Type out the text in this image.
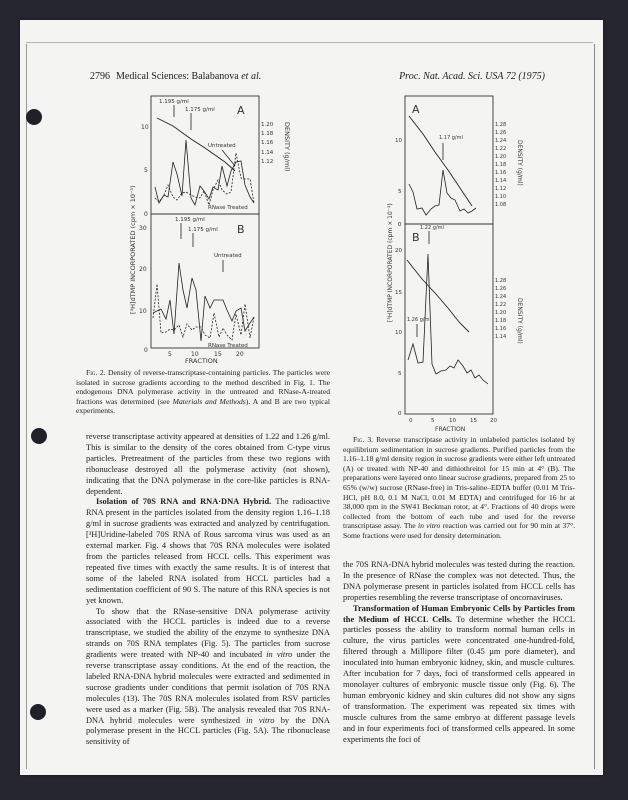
2796 Medical Sciences: Balabanova et al.	Proc. Nat. Acad. Sci. USA 72 (1975)
A
B
10
5
0
30
20
10
0
5	10	15 20
1.20
1.18
1.16
1.14
1.12 DENSITY (g/ml)
[³H]dTMP INCORPORATED (cpm × 10⁻³)
FRACTION
1.195 g/ml
1.175 g/ml
Untreated
RNase Treated
1.195 g/ml
1.175 g/ml
Untreated
RNase Treated

Fig. 2. Density of reverse-transcriptase-containing particles. The particles were isolated in sucrose gradients according to the method described in Fig. 1. The endogenous DNA polymerase activity in the untreated and RNase-A-treated fractions was determined (see Materials and Methods). A and B are two typical experiments.

A
B
10
5
0
20
15
10
5
0
0	5	10	15 20
1.28
1.26
1.24
1.22
1.20
1.18
1.16
1.14
1.12
1.10
1.08
1.28
1.26
1.24
1.22
1.20
1.18
1.16
1.14
DENSITY (g/ml)
DENSITY (g/ml)
[³H]dTMP INCORPORATED (cpm × 10⁻³)
FRACTION
1.17 g/ml
1.22 g/ml
1.26 g/ml

Fig. 3. Reverse transcriptase activity in unlabeled particles isolated by equilibrium sedimentation in sucrose gradients. Purified particles from the 1.16–1.18 g/ml density region in sucrose gradients were either left untreated (A) or treated with NP-40 and dithiothreitol for 15 min at 4° (B). The preparations were layered onto linear sucrose gradients, prepared from 25 to 65% (w/w) sucrose (RNase-free) in Tris-saline–EDTA buffer (0.01 M Tris-HCl, pH 8.0, 0.1 M NaCl, 0.01 M EDTA) and centrifuged for 16 hr at 38,000 rpm in the SW41 Beckman rotor, at 4°. Fractions of 40 drops were collected from the bottom of each tube and used for the reverse transcriptase assay. The in vitro reaction was carried out for 90 min at 37°. Some fractions were used for density determination.

reverse transcriptase activity appeared at densities of 1.22 and 1.26 g/ml. This is similar to the density of the cores obtained from C-type virus particles. Pretreatment of the particles from these two regions with ribonuclease destroyed all the polymerase activity (not shown), indicating that the DNA polymerase in the core-like particles is RNA-dependent.

Isolation of 70S RNA and RNA·DNA Hybrid. The radioactive RNA present in the particles isolated from the density region 1.16–1.18 g/ml in sucrose gradients was extracted and analyzed by centrifugation. [³H]Uridine-labeled 70S RNA of Rous sarcoma virus was used as an external marker. Fig. 4 shows that 70S RNA molecules were isolated from the particles released from HCCL cells. This experiment was repeated five times with exactly the same results. It is of interest that some of the labeled RNA isolated from HCCL particles had a sedimentation coefficient of 90 S. The nature of this RNA species is not yet known.

To show that the RNase-sensitive DNA polymerase activity associated with the HCCL particles is indeed due to a reverse transcriptase, we studied the ability of the enzyme to synthesize DNA strands on 70S RNA templates (Fig. 5). The particles from sucrose gradients were treated with NP-40 and incubated in vitro under the reverse transcriptase assay conditions. At the end of the reaction, the labeled RNA-DNA hybrid molecules were extracted and sedimented in sucrose gradients under conditions that permit isolation of 70S RNA molecules (13). The 70S RNA molecules isolated from RSV particles were used as a marker (Fig. 5B). The analysis revealed that 70S RNA-DNA hybrid molecules were synthesized in vitro by the DNA polymerase present in the HCCL particles (Fig. 5A). The ribonuclease sensitivity of

the 70S RNA-DNA hybrid molecules was tested during the reaction. In the presence of RNase the complex was not detected. Thus, the DNA polymerase present in particles isolated from HCCL cells has properties resembling the reverse transcriptase of oncornaviruses.

Transformation of Human Embryonic Cells by Particles from the Medium of HCCL Cells. To determine whether the HCCL particles possess the ability to transform normal human cells in culture, the virus particles were concentrated one-hundred-fold, filtered through a Millipore filter (0.45 µm pore diameter), and inoculated into human embryonic kidney, skin, and muscle cultures. After incubation for 7 days, foci of transformed cells appeared in monolayer cultures of embryonic muscle tissue only (Fig. 6). The human embryonic kidney and skin cultures did not show any signs of transformation. The experiment was repeated six times with muscle cultures from the same embryo at different passage levels and in four experiments foci of transformed cells appeared. In some experiments the foci of
